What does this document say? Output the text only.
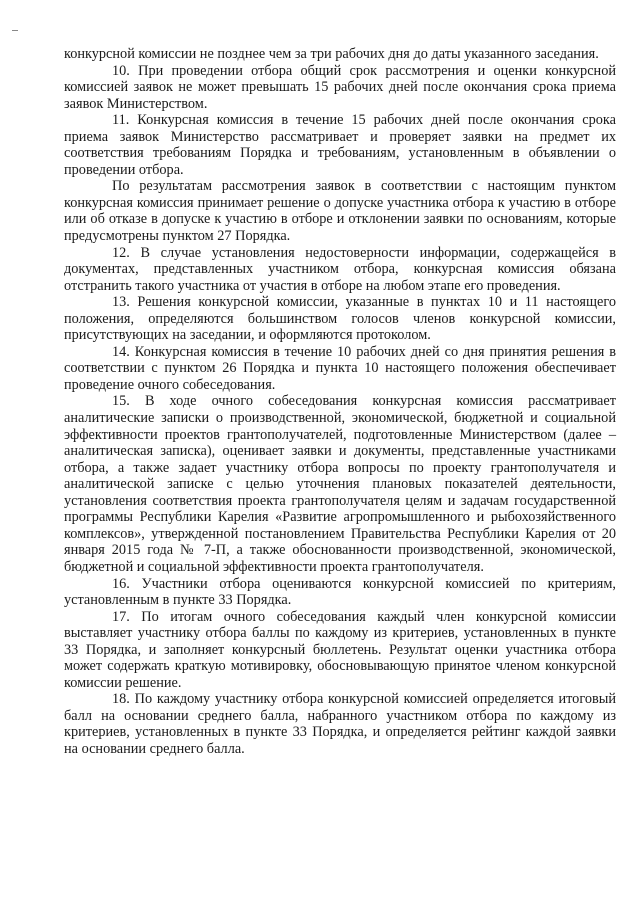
конкурсной комиссии не позднее чем за три рабочих дня до даты указанного заседания.

10. При проведении отбора общий срок рассмотрения и оценки конкурсной комиссией заявок не может превышать 15 рабочих дней после окончания срока приема заявок Министерством.

11. Конкурсная комиссия в течение 15 рабочих дней после окончания срока приема заявок Министерство рассматривает и проверяет заявки на предмет их соответствия требованиям Порядка и требованиям, установленным в объявлении о проведении отбора.

По результатам рассмотрения заявок в соответствии с настоящим пунктом конкурсная комиссия принимает решение о допуске участника отбора к участию в отборе или об отказе в допуске к участию в отборе и отклонении заявки по основаниям, которые предусмотрены пунктом 27 Порядка.

12. В случае установления недостоверности информации, содержащейся в документах, представленных участником отбора, конкурсная комиссия обязана отстранить такого участника от участия в отборе на любом этапе его проведения.

13. Решения конкурсной комиссии, указанные в пунктах 10 и 11 настоящего положения, определяются большинством голосов членов конкурсной комиссии, присутствующих на заседании, и оформляются протоколом.

14. Конкурсная комиссия в течение 10 рабочих дней со дня принятия решения в соответствии с пунктом 26 Порядка и пункта 10 настоящего положения обеспечивает проведение очного собеседования.

15. В ходе очного собеседования конкурсная комиссия рассматривает аналитические записки о производственной, экономической, бюджетной и социальной эффективности проектов грантополучателей, подготовленные Министерством (далее – аналитическая записка), оценивает заявки и документы, представленные участниками отбора, а также задает участнику отбора вопросы по проекту грантополучателя и аналитической записке с целью уточнения плановых показателей деятельности, установления соответствия проекта грантополучателя целям и задачам государственной программы Республики Карелия «Развитие агропромышленного и рыбохозяйственного комплексов», утвержденной постановлением Правительства Республики Карелия от 20 января 2015 года № 7-П, а также обоснованности производственной, экономической, бюджетной и социальной эффективности проекта грантополучателя.

16. Участники отбора оцениваются конкурсной комиссией по критериям, установленным в пункте 33 Порядка.

17. По итогам очного собеседования каждый член конкурсной комиссии выставляет участнику отбора баллы по каждому из критериев, установленных в пункте 33 Порядка, и заполняет конкурсный бюллетень. Результат оценки участника отбора может содержать краткую мотивировку, обосновывающую принятое членом конкурсной комиссии решение.

18. По каждому участнику отбора конкурсной комиссией определяется итоговый балл на основании среднего балла, набранного участником отбора по каждому из критериев, установленных в пункте 33 Порядка, и определяется рейтинг каждой заявки на основании среднего балла.
